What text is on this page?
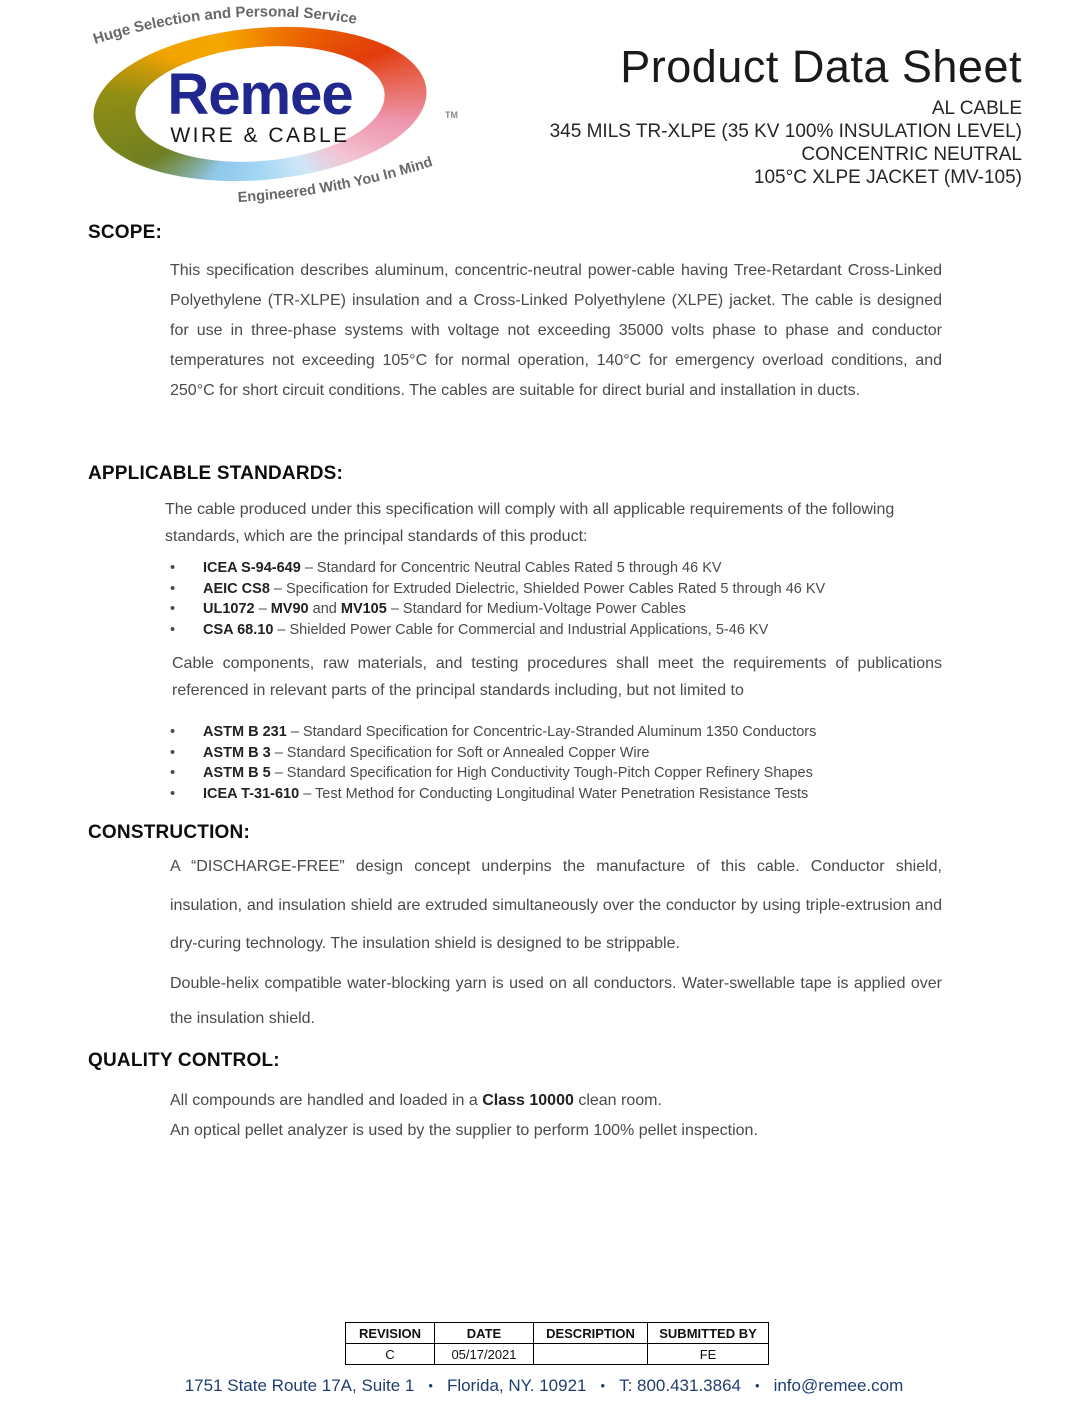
Remee
WIRE & CABLE
TM
Huge Selection and Personal Service
Engineered With You In Mind
Product Data Sheet
AL CABLE
345 MILS TR-XLPE (35 KV 100% INSULATION LEVEL)
CONCENTRIC NEUTRAL
105°C XLPE JACKET (MV-105)
SCOPE:
This specification describes aluminum, concentric-neutral power-cable having Tree-Retardant Cross-Linked Polyethylene (TR-XLPE) insulation and a Cross-Linked Polyethylene (XLPE) jacket. The cable is designed for use in three-phase systems with voltage not exceeding 35000 volts phase to phase and conductor temperatures not exceeding 105°C for normal operation, 140°C for emergency overload conditions, and 250°C for short circuit conditions. The cables are suitable for direct burial and installation in ducts.
APPLICABLE STANDARDS:
The cable produced under this specification will comply with all applicable requirements of the following standards, which are the principal standards of this product:
• ICEA S-94-649 – Standard for Concentric Neutral Cables Rated 5 through 46 KV
• AEIC CS8 – Specification for Extruded Dielectric, Shielded Power Cables Rated 5 through 46 KV
• UL1072 – MV90 and MV105 – Standard for Medium-Voltage Power Cables
• CSA 68.10 – Shielded Power Cable for Commercial and Industrial Applications, 5-46 KV
Cable components, raw materials, and testing procedures shall meet the requirements of publications referenced in relevant parts of the principal standards including, but not limited to
• ASTM B 231 – Standard Specification for Concentric-Lay-Stranded Aluminum 1350 Conductors
• ASTM B 3 – Standard Specification for Soft or Annealed Copper Wire
• ASTM B 5 – Standard Specification for High Conductivity Tough-Pitch Copper Refinery Shapes
• ICEA T-31-610 – Test Method for Conducting Longitudinal Water Penetration Resistance Tests
CONSTRUCTION:
A “DISCHARGE-FREE” design concept underpins the manufacture of this cable. Conductor shield, insulation, and insulation shield are extruded simultaneously over the conductor by using triple-extrusion and dry-curing technology. The insulation shield is designed to be strippable.
Double-helix compatible water-blocking yarn is used on all conductors. Water-swellable tape is applied over the insulation shield.
QUALITY CONTROL:
All compounds are handled and loaded in a Class 10000 clean room.
An optical pellet analyzer is used by the supplier to perform 100% pellet inspection.
REVISION	DATE	DESCRIPTION	SUBMITTED BY
C	05/17/2021		FE
1751 State Route 17A, Suite 1 • Florida, NY. 10921 • T: 800.431.3864 • info@remee.com
